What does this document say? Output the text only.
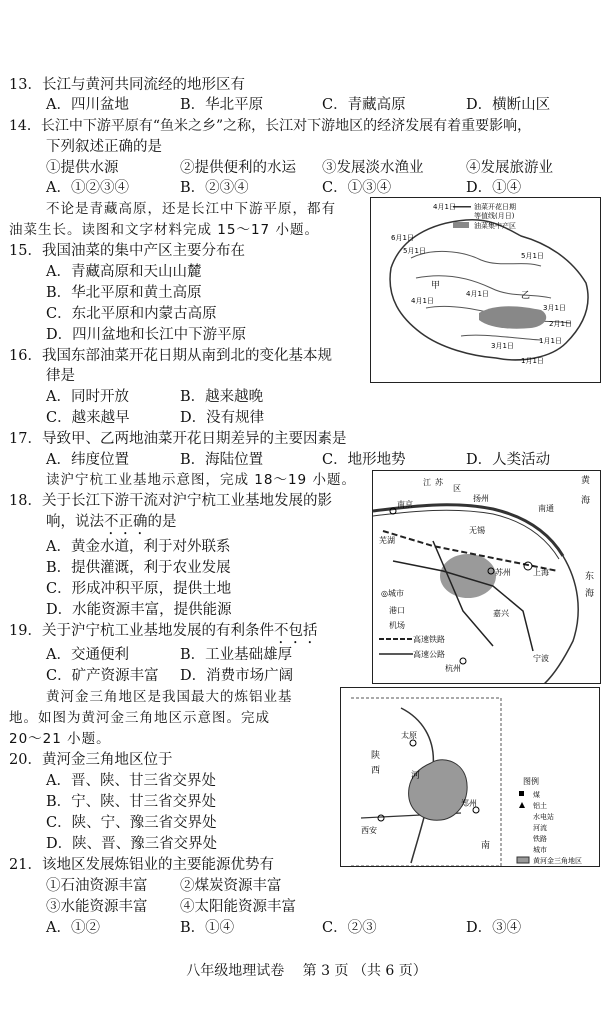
13．长江与黄河共同流经的地形区有
A．四川盆地	B．华北平原	C．青藏高原	D．横断山区
14．长江中下游平原有“鱼米之乡”之称，长江对下游地区的经济发展有着重要影响，
下列叙述正确的是
①提供水源	②提供便利的水运 ③发展淡水渔业	④发展旅游业
A．①②③④	B．②③④	C．①③④	D．①④
不论是青藏高原，还是长江中下游平原，都有
油菜生长。读图和文字材料完成 15～17 小题。
15．我国油菜的集中产区主要分布在
A．青藏高原和天山山麓
B．华北平原和黄土高原
C．东北平原和内蒙古高原
D．四川盆地和长江中下游平原
16．我国东部油菜开花日期从南到北的变化基本规
律是
A．同时开放	B．越来越晚
C．越来越早	D．没有规律
17．导致甲、乙两地油菜开花日期差异的主要因素是
A．纬度位置	B．海陆位置	C．地形地势	D．人类活动
读沪宁杭工业基地示意图，完成 18～19 小题。
18．关于长江下游干流对沪宁杭工业基地发展的影
响，说法不正确的是
A．黄金水道，利于对外联系
B．提供灌溉，利于农业发展
C．形成冲积平原，提供土地
D．水能资源丰富，提供能源
19．关于沪宁杭工业基地发展的有利条件不包括
A．交通便利	B．工业基础雄厚
C．矿产资源丰富 D．消费市场广阔
黄河金三角地区是我国最大的炼铝业基
地。如图为黄河金三角地区示意图。完成
20～21 小题。
20．黄河金三角地区位于
A．晋、陕、甘三省交界处
B．宁、陕、甘三省交界处
C．陕、宁、豫三省交界处
D．陕、晋、豫三省交界处
21．该地区发展炼铝业的主要能源优势有
①石油资源丰富 ②煤炭资源丰富
③水能资源丰富 ④太阳能资源丰富
A．①②	B．①④	C．②③	D．③④
4月1日	油菜开花日期
等值线(月日)
油菜集中产区
6月1日
5月1日
5月1日
4月1日
3月1日
2月1日
1月1日
甲
乙
4月1日
3月1日
1月1日
南京
芜湖
无锡
苏州	上海
嘉兴
杭州
宁波
扬州
南通
黄
海
东
海
江 苏
区
◎城市
港口
机场
高速铁路
高速公路
太原
西安
郑州
河
南
陕
西
图例
煤
铝土
水电站
河流
铁路
城市
黄河金三角地区
八年级地理试卷　 第 3 页 （共 6 页）
